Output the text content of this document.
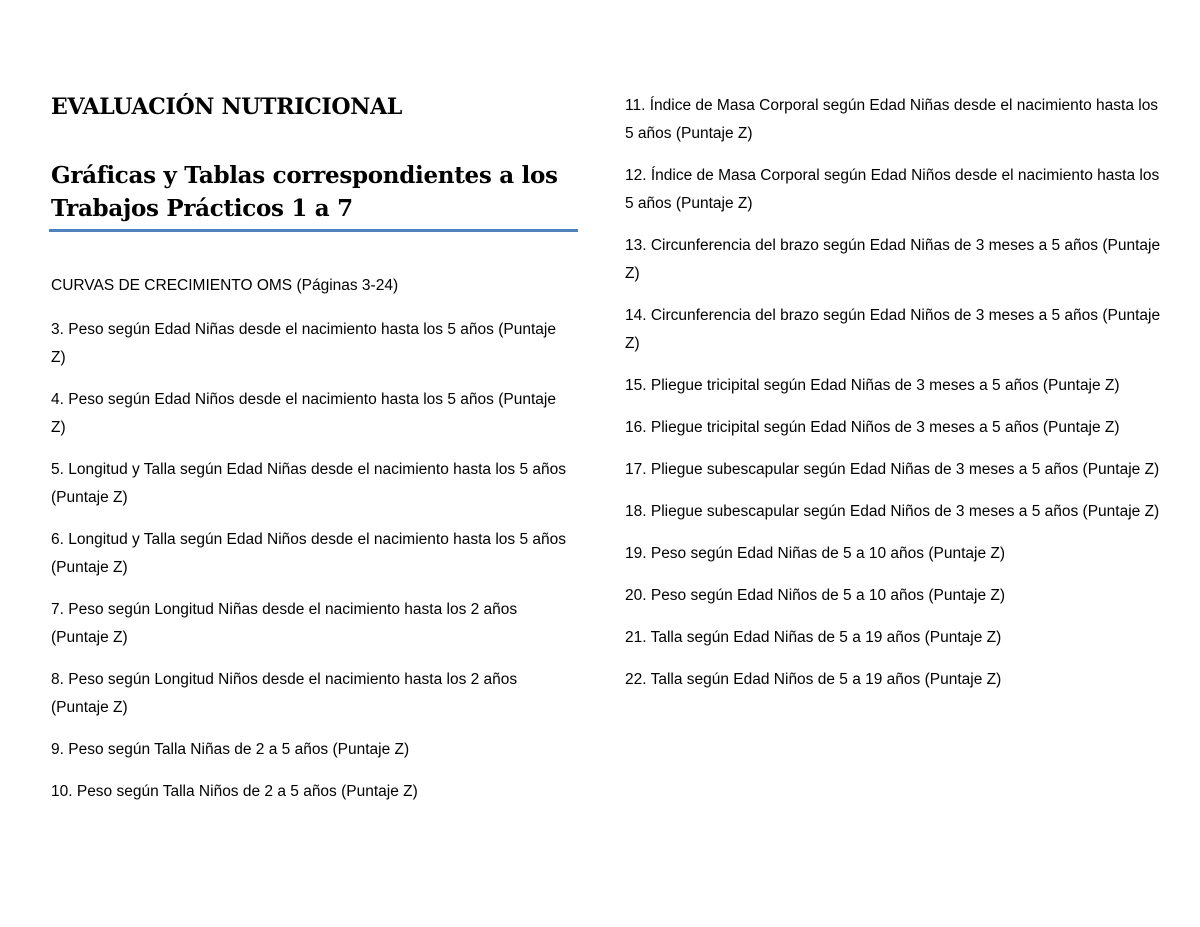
EVALUACIÓN NUTRICIONAL
Gráficas y Tablas correspondientes a los Trabajos Prácticos 1 a 7

CURVAS DE CRECIMIENTO OMS (Páginas 3-24)

3. Peso según Edad Niñas desde el nacimiento hasta los 5 años (Puntaje Z)
4. Peso según Edad Niños desde el nacimiento hasta los 5 años (Puntaje Z)
5. Longitud y Talla según Edad Niñas desde el nacimiento hasta los 5 años (Puntaje Z)
6. Longitud y Talla según Edad Niños desde el nacimiento hasta los 5 años (Puntaje Z)
7. Peso según Longitud Niñas desde el nacimiento hasta los 2 años (Puntaje Z)
8. Peso según Longitud Niños desde el nacimiento hasta los 2 años (Puntaje Z)
9. Peso según Talla Niñas de 2 a 5 años (Puntaje Z)
10. Peso según Talla Niños de 2 a 5 años (Puntaje Z)
11. Índice de Masa Corporal según Edad Niñas desde el nacimiento hasta los 5 años (Puntaje Z)
12. Índice de Masa Corporal según Edad Niños desde el nacimiento hasta los 5 años (Puntaje Z)
13. Circunferencia del brazo según Edad Niñas de 3 meses a 5 años (Puntaje Z)
14. Circunferencia del brazo según Edad Niños de 3 meses a 5 años (Puntaje Z)
15. Pliegue tricipital según Edad Niñas de 3 meses a 5 años (Puntaje Z)
16. Pliegue tricipital según Edad Niños de 3 meses a 5 años (Puntaje Z)
17. Pliegue subescapular según Edad Niñas de 3 meses a 5 años (Puntaje Z)
18. Pliegue subescapular según Edad Niños de 3 meses a 5 años (Puntaje Z)
19. Peso según Edad Niñas de 5 a 10 años (Puntaje Z)
20. Peso según Edad Niños de 5 a 10 años (Puntaje Z)
21. Talla según Edad Niñas de 5 a 19 años (Puntaje Z)
22. Talla según Edad Niños de 5 a 19 años (Puntaje Z)
